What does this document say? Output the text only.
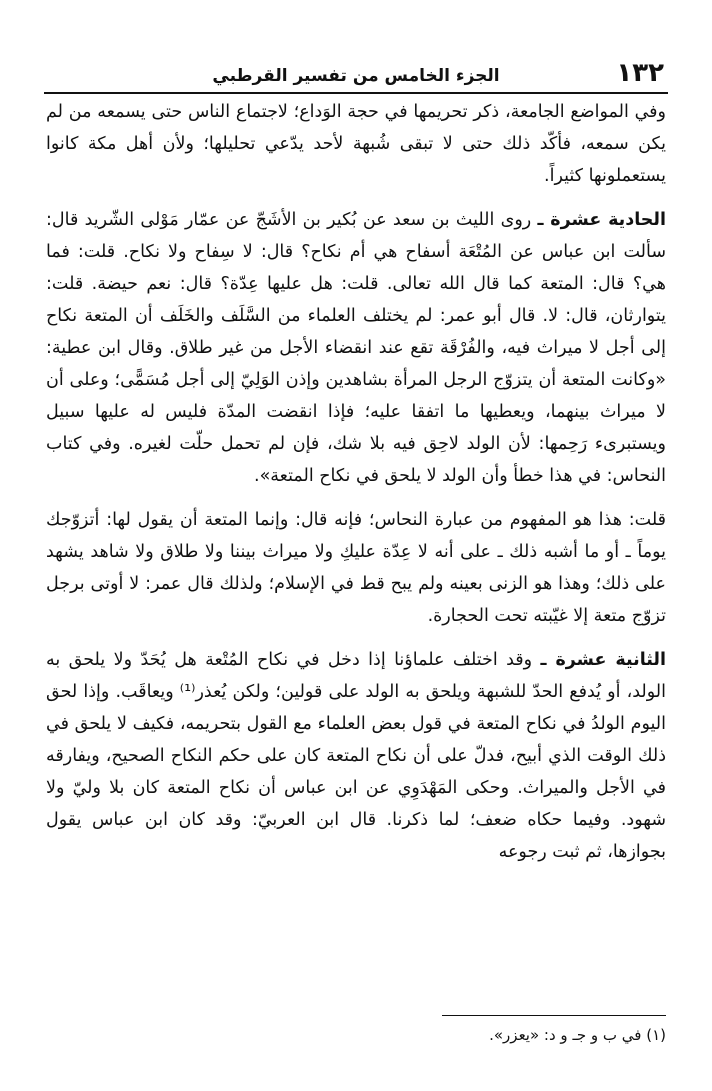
١٣٢
الجزء الخامس من تفسير القرطبي

وفي المواضع الجامعة، ذكر تحريمها في حجة الوَداع؛ لاجتماع الناس حتى يسمعه من لم يكن سمعه، فأكّد ذلك حتى لا تبقى شُبهة لأحد يدّعي تحليلها؛ ولأن أهل مكة كانوا يستعملونها كثيراً.

الحادية عشرة ـ روى الليث بن سعد عن بُكير بن الأشَجّ عن عمّار مَوْلى الشّريد قال: سألت ابن عباس عن المُتْعَة أسفاح هي أم نكاح؟ قال: لا سِفاح ولا نكاح. قلت: فما هي؟ قال: المتعة كما قال الله تعالى. قلت: هل عليها عِدّة؟ قال: نعم حيضة. قلت: يتوارثان، قال: لا. قال أبو عمر: لم يختلف العلماء من السَّلَف والخَلَف أن المتعة نكاح إلى أجل لا ميراث فيه، والفُرْقَة تقع عند انقضاء الأجل من غير طلاق. وقال ابن عطية: «وكانت المتعة أن يتزوّج الرجل المرأة بشاهدين وإذن الوَلِيّ إلى أجل مُسَمًّى؛ وعلى أن لا ميراث بينهما، ويعطيها ما اتفقا عليه؛ فإذا انقضت المدّة فليس له عليها سبيل ويستبرىء رَحِمها: لأن الولد لاحِق فيه بلا شك، فإن لم تحمل حلّت لغيره. وفي كتاب النحاس: في هذا خطأ وأن الولد لا يلحق في نكاح المتعة».

قلت: هذا هو المفهوم من عبارة النحاس؛ فإنه قال: وإنما المتعة أن يقول لها: أتزوّجك يوماً ـ أو ما أشبه ذلك ـ على أنه لا عِدّة عليكِ ولا ميراث بيننا ولا طلاق ولا شاهد يشهد على ذلك؛ وهذا هو الزنى بعينه ولم يبح قط في الإسلام؛ ولذلك قال عمر: لا أوتى برجل تزوّج متعة إلا غيّبته تحت الحجارة.

الثانية عشرة ـ وقد اختلف علماؤنا إذا دخل في نكاح المُتْعة هل يُحَدّ ولا يلحق به الولد، أو يُدفع الحدّ للشبهة ويلحق به الولد على قولين؛ ولكن يُعذر⁽¹⁾ ويعاقَب. وإذا لحق اليوم الولدُ في نكاح المتعة في قول بعض العلماء مع القول بتحريمه، فكيف لا يلحق في ذلك الوقت الذي أبيح، فدلّ على أن نكاح المتعة كان على حكم النكاح الصحيح، ويفارقه في الأجل والميراث. وحكى المَهْدَوِي عن ابن عباس أن نكاح المتعة كان بلا وليّ ولا شهود. وفيما حكاه ضعف؛ لما ذكرنا. قال ابن العربيّ: وقد كان ابن عباس يقول بجوازها، ثم ثبت رجوعه

(١) في ب و جـ و د: «يعزر».
